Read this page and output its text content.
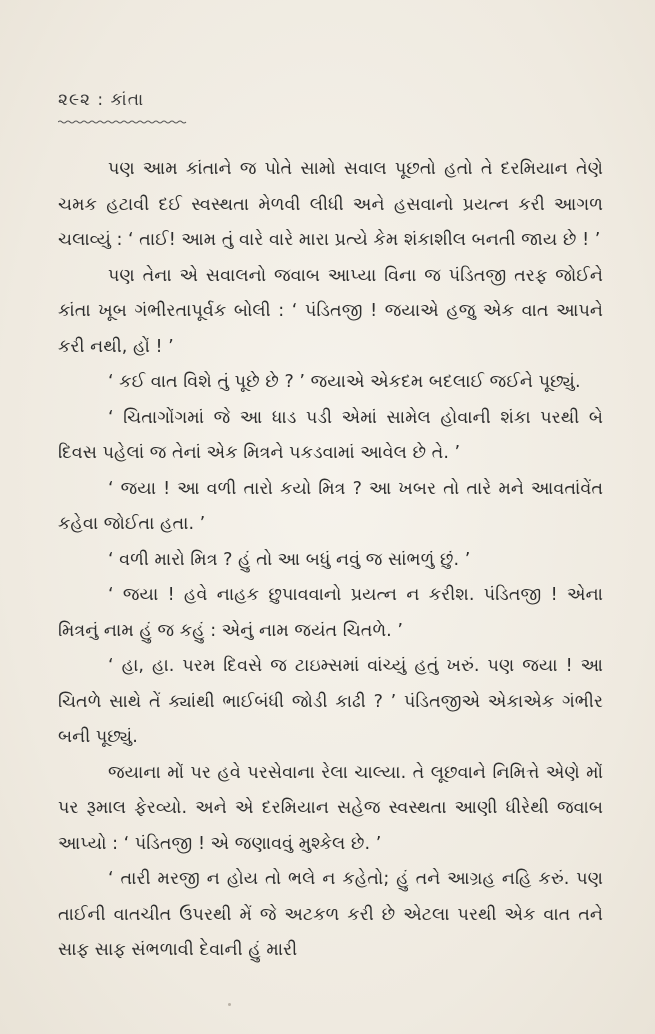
૨૯૨ : કાંતા

પણ આમ કાંતાને જ પોતે સામો સવાલ પૂછતો હતો તે દરમિયાન તેણે ચમક હટાવી દઈ સ્વસ્થતા મેળવી લીધી અને હસવાનો પ્રયત્ન કરી આગળ ચલાવ્યું : ‘ તાઈ! આમ તું વારે વારે મારા પ્રત્યે કેમ શંકાશીલ બનતી જાય છે ! ’

પણ તેના એ સવાલનો જવાબ આપ્યા વિના જ પંડિતજી તરફ જોઈને કાંતા ખૂબ ગંભીરતાપૂર્વક બોલી : ‘ પંડિતજી ! જયાએ હજુ એક વાત આપને કરી નથી, હોં ! ’

‘ કઈ વાત વિશે તું પૂછે છે ? ’ જયાએ એકદમ બદલાઈ જઈને પૂછ્યું.

‘ ચિતાગોંગમાં જે આ ધાડ પડી એમાં સામેલ હોવાની શંકા પરથી બે દિવસ પહેલાં જ તેનાં એક મિત્રને પકડવામાં આવેલ છે તે. ’

‘ જયા ! આ વળી તારો કયો મિત્ર ? આ ખબર તો તારે મને આવતાંવેંત કહેવા જોઈતા હતા. ’

‘ વળી મારો મિત્ર ? હું તો આ બધું નવું જ સાંભળું છું. ’

‘ જયા ! હવે નાહક છુપાવવાનો પ્રયત્ન ન કરીશ. પંડિતજી ! એના મિત્રનું નામ હું જ કહું : એનું નામ જયંત ચિતળે. ’

‘ હા, હા. પરમ દિવસે જ ટાઇમ્સમાં વાંચ્યું હતું ખરું. પણ જયા ! આ ચિતળે સાથે તેં ક્યાંથી ભાઈબંધી જોડી કાઢી ? ’ પંડિતજીએ એકાએક ગંભીર બની પૂછ્યું.

જયાના મોં પર હવે પરસેવાના રેલા ચાલ્યા. તે લૂછવાને નિમિત્તે એણે મોં પર રૂમાલ ફેરવ્યો. અને એ દરમિયાન સહેજ સ્વસ્થતા આણી ધીરેથી જવાબ આપ્યો : ‘ પંડિતજી ! એ જણાવવું મુશ્કેલ છે. ’

‘ તારી મરજી ન હોય તો ભલે ન કહેતો; હું તને આગ્રહ નહિ કરું. પણ તાઈની વાતચીત ઉપરથી મેં જે અટકળ કરી છે એટલા પરથી એક વાત તને સાફ સાફ સંભળાવી દેવાની હું મારી
